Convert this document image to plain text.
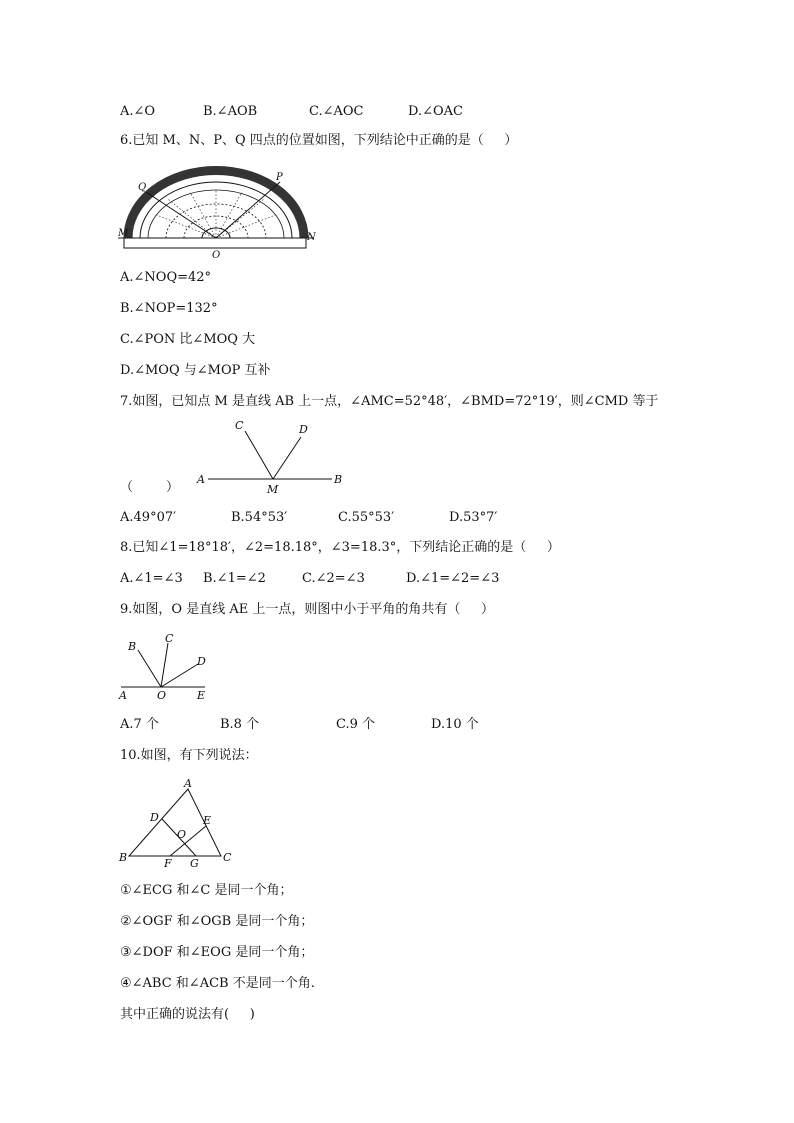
A.∠O	B.∠AOB	C.∠AOC	D.∠OAC
6.已知 M、N、P、Q 四点的位置如图，下列结论中正确的是（     ）
Q
P
M	N
O
A.∠NOQ=42°
B.∠NOP=132°
C.∠PON 比∠MOQ 大
D.∠MOQ 与∠MOP 互补
7.如图，已知点 M 是直线 AB 上一点，∠AMC=52°48′，∠BMD=72°19′，则∠CMD 等于
C	D
A
M
B
（        ）
A.49°07′	B.54°53′	C.55°53′	D.53°7′
8.已知∠1=18°18′，∠2=18.18°，∠3=18.3°，下列结论正确的是（     ）
A.∠1=∠3 B.∠1=∠2	C.∠2=∠3	D.∠1=∠2=∠3
9.如图，O 是直线 AE 上一点，则图中小于平角的角共有（     ）
B
C
D
A	O	E
A.7 个	B.8 个	C.9 个	D.10 个
10.如图，有下列说法：
A
D	E
O
B	F G C
①∠ECG 和∠C 是同一个角；
②∠OGF 和∠OGB 是同一个角；
③∠DOF 和∠EOG 是同一个角；
④∠ABC 和∠ACB 不是同一个角.
其中正确的说法有(     )
